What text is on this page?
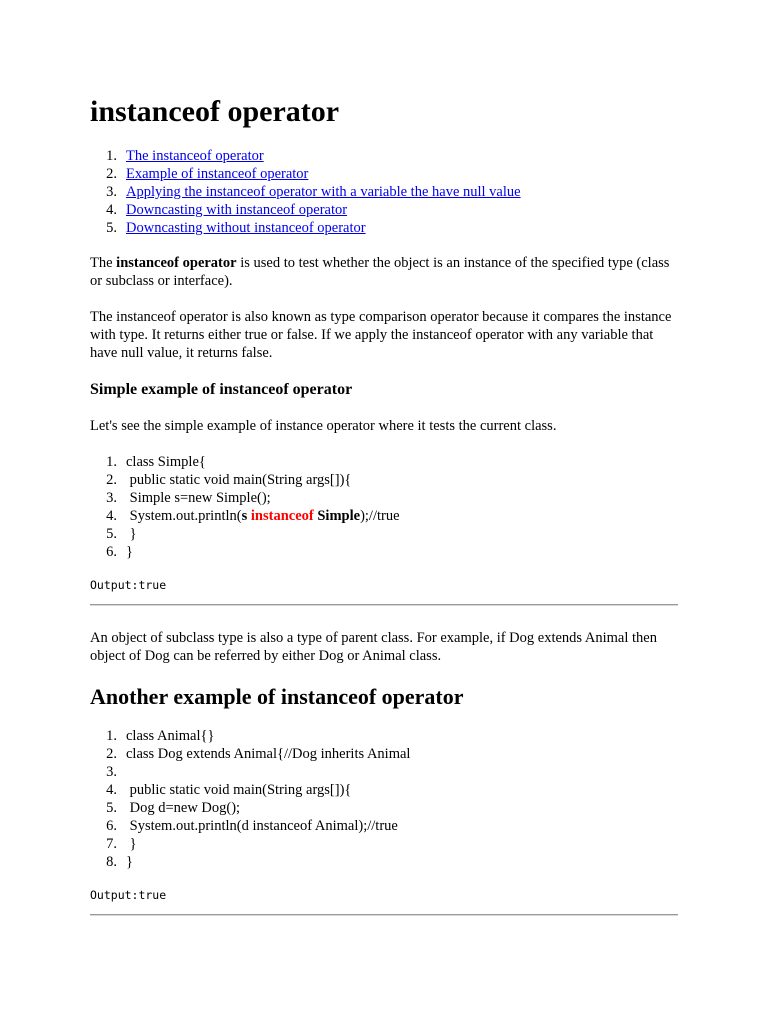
instanceof operator
1. The instanceof operator
2. Example of instanceof operator
3. Applying the instanceof operator with a variable the have null value
4. Downcasting with instanceof operator
5. Downcasting without instanceof operator

The instanceof operator is used to test whether the object is an instance of the specified type (class or subclass or interface).

The instanceof operator is also known as type comparison operator because it compares the instance with type. It returns either true or false. If we apply the instanceof operator with any variable that have null value, it returns false.

Simple example of instanceof operator

Let's see the simple example of instance operator where it tests the current class.

1. class Simple{
2. public static void main(String args[]){
3. Simple s=new Simple();
4. System.out.println(s instanceof Simple);//true
5. }
6. }
Output:true

An object of subclass type is also a type of parent class. For example, if Dog extends Animal then object of Dog can be referred by either Dog or Animal class.

Another example of instanceof operator
1. class Animal{}
2. class Dog extends Animal{//Dog inherits Animal
3.
4. public static void main(String args[]){
5. Dog d=new Dog();
6. System.out.println(d instanceof Animal);//true
7. }
8. }
Output:true
